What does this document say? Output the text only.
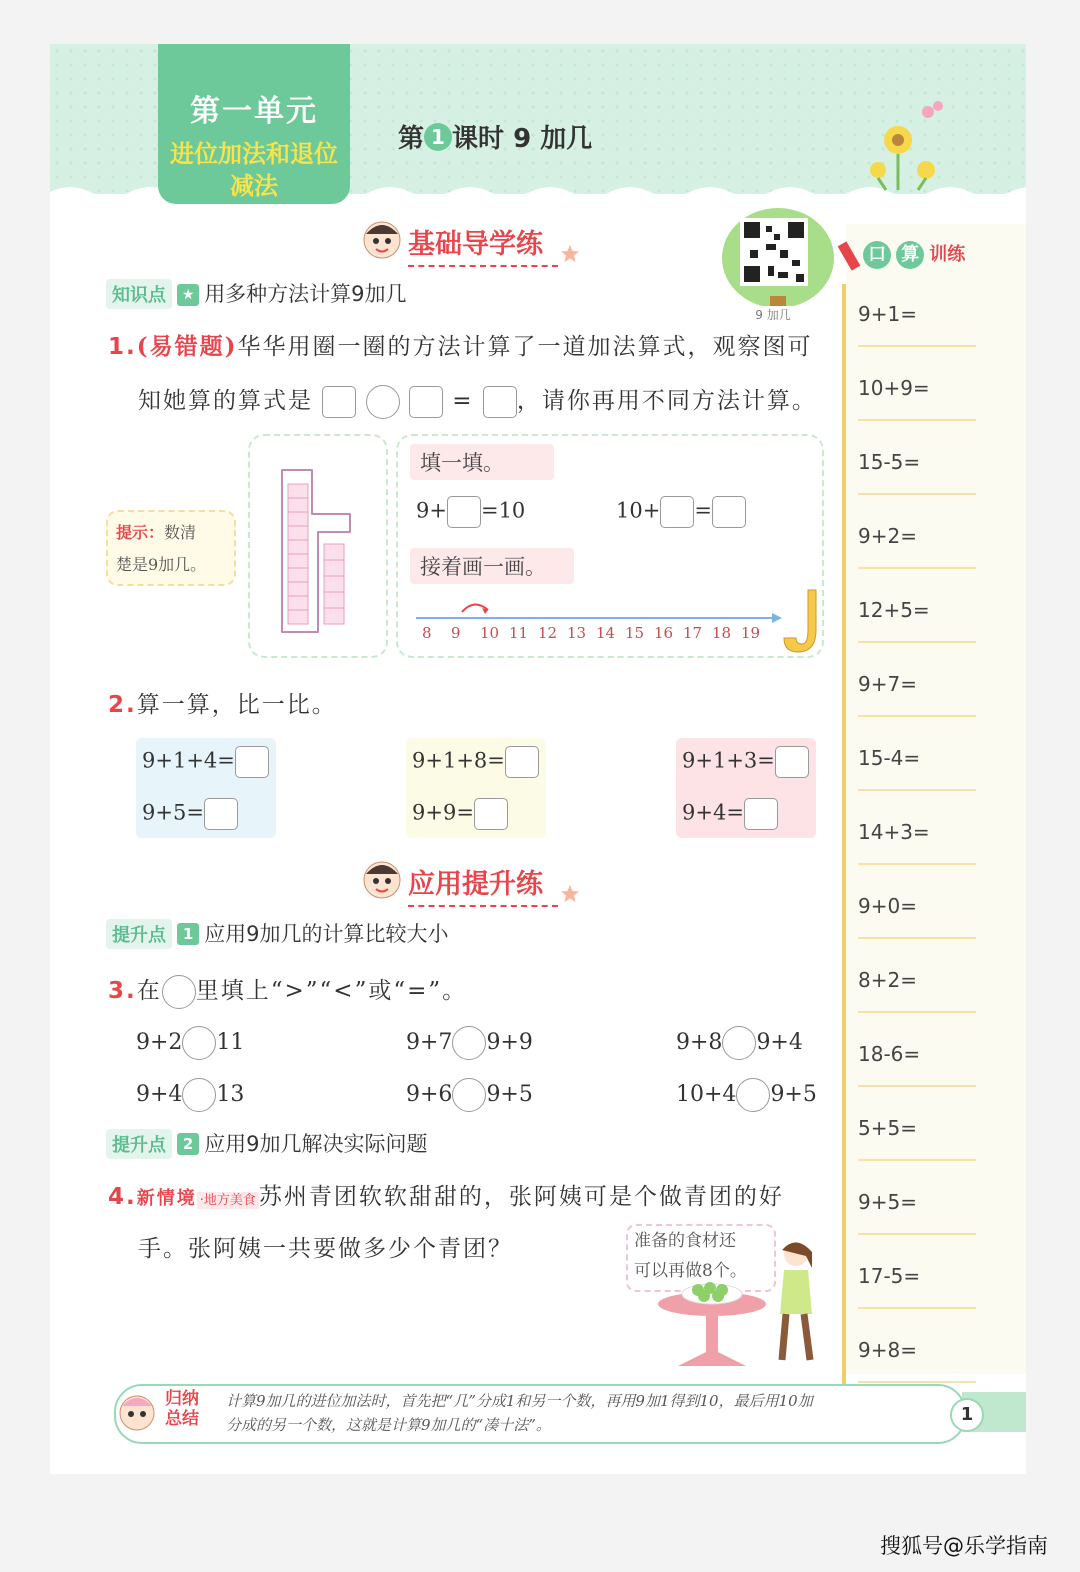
第一单元
进位加法和退位
减法
第 1 课时 9 加几
基础导学练
9 加几
知识点 ★ 用多种方法计算9加几
1.(易错题)华华用圈一圈的方法计算了一道加法算式，观察图可
知她算的算式是	= ，请你再用不同方法计算。
提示：数清
楚是9加几。
填一填。
9+ =10	10+ =
接着画一画。
8 9 10 11 12 13 14 15 16 17 18 19
2.算一算，比一比。
9+1+4=
9+5=
9+1+8=
9+9=
9+1+3=
9+4=
应用提升练
提升点 1 应用9加几的计算比较大小
3.在 里填上“>”“<”或“=”。
9+2 11	9+7 9+9	9+8 9+4
9+4 13	9+6 9+5	10+4 9+5
提升点 2 应用9加几解决实际问题
4.新情境 ·地方美食 苏州青团软软甜甜的，张阿姨可是个做青团的好
手。张阿姨一共要做多少个青团？	准备的食材还
可以再做8个。
口 算 训练
9+1=
10+9=
15-5=
9+2=
12+5=
9+7=
15-4=
14+3=
9+0=
8+2=
18-6=
5+5=
9+5=
17-5=
9+8=
归纳
总结
计算9加几的进位加法时，首先把“几”分成1和另一个数，再用9加1得到10，最后用10加
分成的另一个数，这就是计算9加几的“凑十法”。	1
搜狐号@乐学指南
